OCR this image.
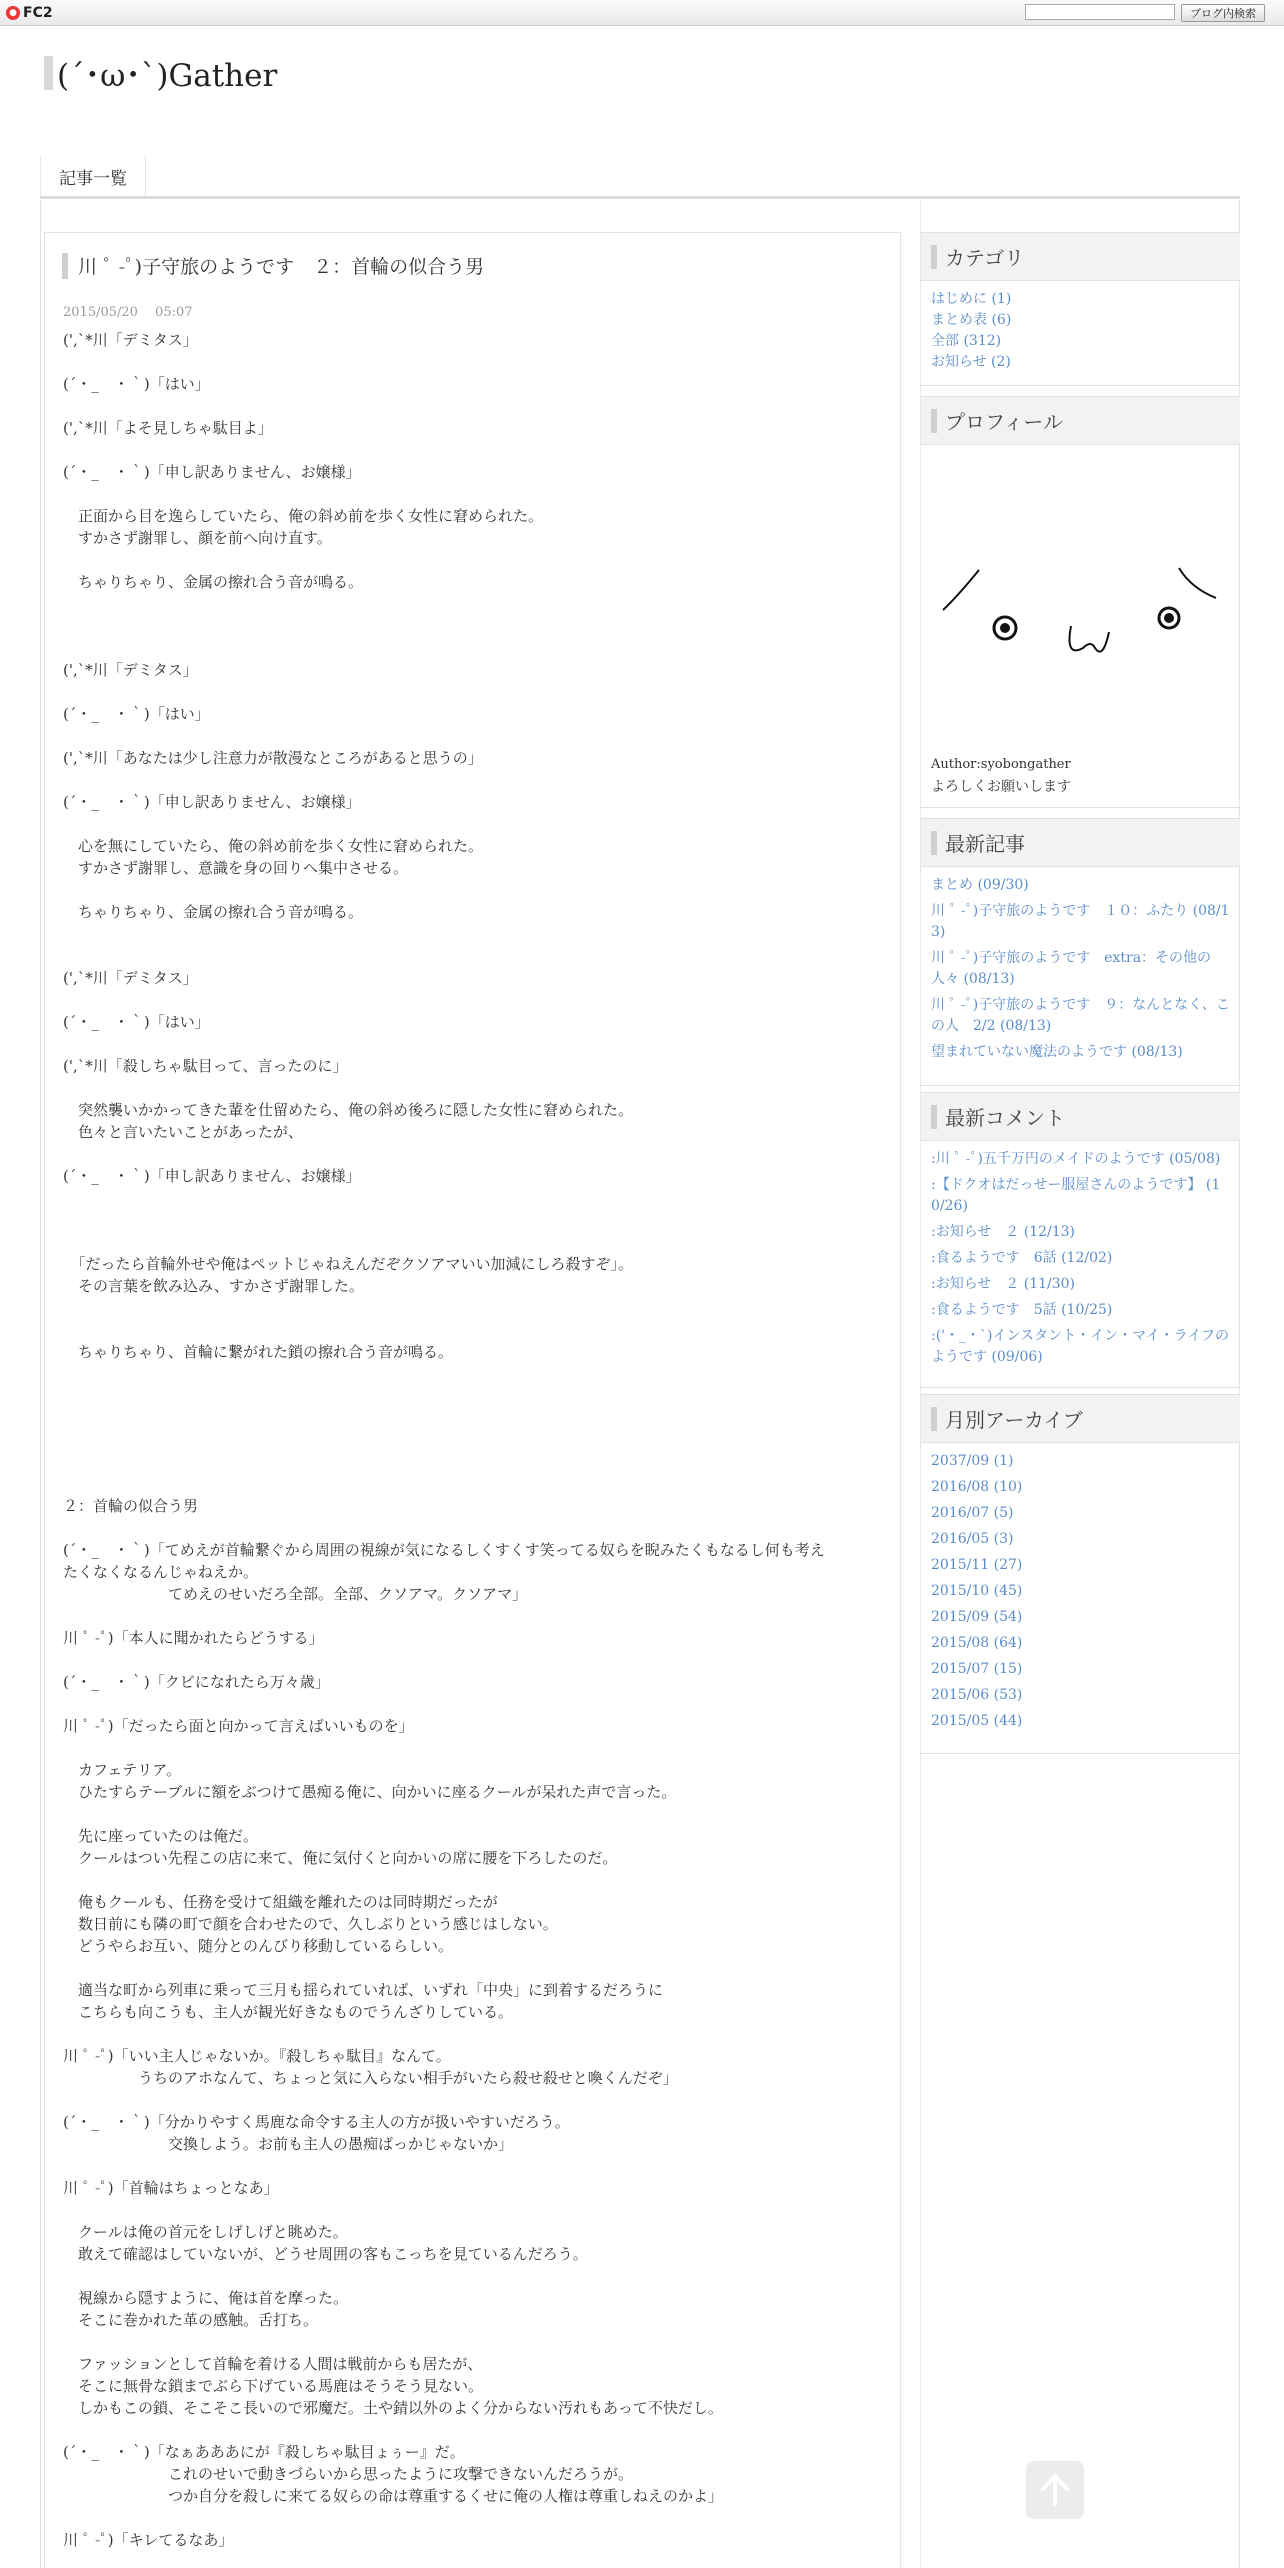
● FC2	ブログ内検索
(´･ω･`)Gather
記事一覧
川 ﾟ -ﾟ)子守旅のようです　２：首輪の似合う男
2015/05/20　 05:07
(',`*川「デミタス」
(´・_　・｀)「はい」
(',`*川「よそ見しちゃ駄目よ」
(´・_　・｀)「申し訳ありません、お嬢様」
　正面から目を逸らしていたら、俺の斜め前を歩く女性に窘められた。
　すかさず謝罪し、顔を前へ向け直す。
　ちゃりちゃり、金属の擦れ合う音が鳴る。
(',`*川「デミタス」
(´・_　・｀)「はい」
(',`*川「あなたは少し注意力が散漫なところがあると思うの」
(´・_　・｀)「申し訳ありません、お嬢様」
　心を無にしていたら、俺の斜め前を歩く女性に窘められた。
　すかさず謝罪し、意識を身の回りへ集中させる。
　ちゃりちゃり、金属の擦れ合う音が鳴る。
(',`*川「デミタス」
(´・_　・｀)「はい」
(',`*川「殺しちゃ駄目って、言ったのに」
　突然襲いかかってきた輩を仕留めたら、俺の斜め後ろに隠した女性に窘められた。
　色々と言いたいことがあったが、
(´・_　・｀)「申し訳ありません、お嬢様」
　「だったら首輪外せや俺はペットじゃねえんだぞクソアマいい加減にしろ殺すぞ」。
　その言葉を飲み込み、すかさず謝罪した。
　ちゃりちゃり、首輪に繋がれた鎖の擦れ合う音が鳴る。
２：首輪の似合う男
(´・_　・｀)「てめえが首輪繋ぐから周囲の視線が気になるしくすくす笑ってる奴らを睨みたくもなるし何も考え
たくなくなるんじゃねえか。
　　　　　　　てめえのせいだろ全部。全部、クソアマ。クソアマ」
川 ﾟ -ﾟ)「本人に聞かれたらどうする」
(´・_　・｀)「クビになれたら万々歳」
川 ﾟ -ﾟ)「だったら面と向かって言えばいいものを」
　カフェテリア。
　ひたすらテーブルに額をぶつけて愚痴る俺に、向かいに座るクールが呆れた声で言った。
　先に座っていたのは俺だ。
　クールはつい先程この店に来て、俺に気付くと向かいの席に腰を下ろしたのだ。
　俺もクールも、任務を受けて組織を離れたのは同時期だったが
　数日前にも隣の町で顔を合わせたので、久しぶりという感じはしない。
　どうやらお互い、随分とのんびり移動しているらしい。
　適当な町から列車に乗って三月も揺られていれば、いずれ「中央」に到着するだろうに
　こちらも向こうも、主人が観光好きなものでうんざりしている。
川 ﾟ -ﾟ)「いい主人じゃないか。『殺しちゃ駄目』なんて。
　　　　　うちのアホなんて、ちょっと気に入らない相手がいたら殺せ殺せと喚くんだぞ」
(´・_　・｀)「分かりやすく馬鹿な命令する主人の方が扱いやすいだろう。
　　　　　　　交換しよう。お前も主人の愚痴ばっかじゃないか」
川 ﾟ -ﾟ)「首輪はちょっとなあ」
　クールは俺の首元をしげしげと眺めた。
　敢えて確認はしていないが、どうせ周囲の客もこっちを見ているんだろう。
　視線から隠すように、俺は首を摩った。
　そこに巻かれた革の感触。舌打ち。
　ファッションとして首輪を着ける人間は戦前からも居たが、
　そこに無骨な鎖までぶら下げている馬鹿はそうそう見ない。
　しかもこの鎖、そこそこ長いので邪魔だ。土や錆以外のよく分からない汚れもあって不快だし。
(´・_　・｀)「なぁあああにが『殺しちゃ駄目ょぅー』だ。
　　　　　　　これのせいで動きづらいから思ったように攻撃できないんだろうが。
　　　　　　　つか自分を殺しに来てる奴らの命は尊重するくせに俺の人権は尊重しねえのかよ」
川 ﾟ -ﾟ)「キレてるなあ」
カテゴリ
はじめに (1)
まとめ表 (6)
全部 (312)
お知らせ (2)
プロフィール
Author:syobongather
よろしくお願いします
最新記事
まとめ (09/30)
川 ﾟ -ﾟ)子守旅のようです　１０：ふたり (08/13)
川 ﾟ -ﾟ)子守旅のようです　extra：その他の人々 (08/13)
川 ﾟ -ﾟ)子守旅のようです　９：なんとなく、この人　2/2 (08/13)
望まれていない魔法のようです (08/13)
最新コメント
:川 ﾟ -ﾟ)五千万円のメイドのようです (05/08)
:【ドクオはだっせー服屋さんのようです】 (10/26)
:お知らせ　２ (12/13)
:食るようです　6話 (12/02)
:お知らせ　２ (11/30)
:食るようです　5話 (10/25)
:('・_・`)インスタント・イン・マイ・ライフのようです (09/06)
月別アーカイブ
2037/09 (1)
2016/08 (10)
2016/07 (5)
2016/05 (3)
2015/11 (27)
2015/10 (45)
2015/09 (54)
2015/08 (64)
2015/07 (15)
2015/06 (53)
2015/05 (44)
